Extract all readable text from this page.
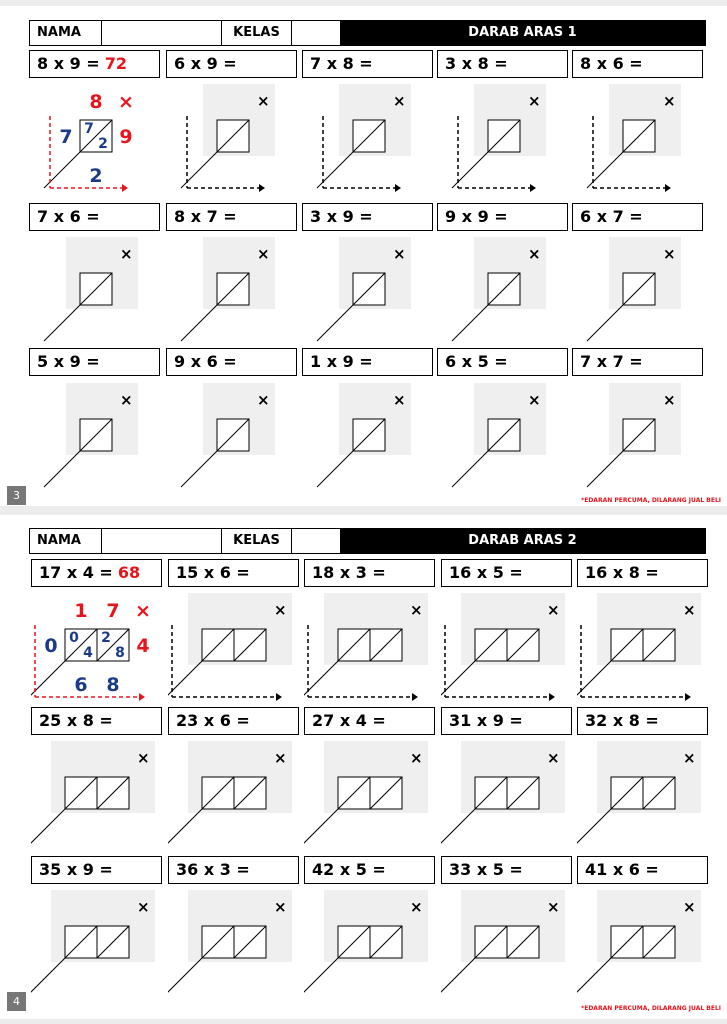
NAMA	KELAS	DARAB ARAS 1
8 x 9 = 72
8 ×
9
7 7
2
2
6 x 9 =
×
7 x 8 =
×
3 x 8 =
×
8 x 6 =
×
7 x 6 =
×
8 x 7 =
×
3 x 9 =
×
9 x 9 =
×
6 x 7 =
×
5 x 9 =
×
9 x 6 =
×
1 x 9 =
×
6 x 5 =
×
7 x 7 =
×
3	*EDARAN PERCUMA, DILARANG JUAL BELI
NAMA	KELAS	DARAB ARAS 2
17 x 4 = 68
1 7 ×
4
0 0
4
2
8
6 8
15 x 6 =
×
18 x 3 =
×
16 x 5 =
×
16 x 8 =
×
25 x 8 =
×
23 x 6 =
×
27 x 4 =
×
31 x 9 =
×
32 x 8 =
×
35 x 9 =
×
36 x 3 =
×
42 x 5 =
×
33 x 5 =
×
41 x 6 =
×
4
*EDARAN PERCUMA, DILARANG JUAL BELI
